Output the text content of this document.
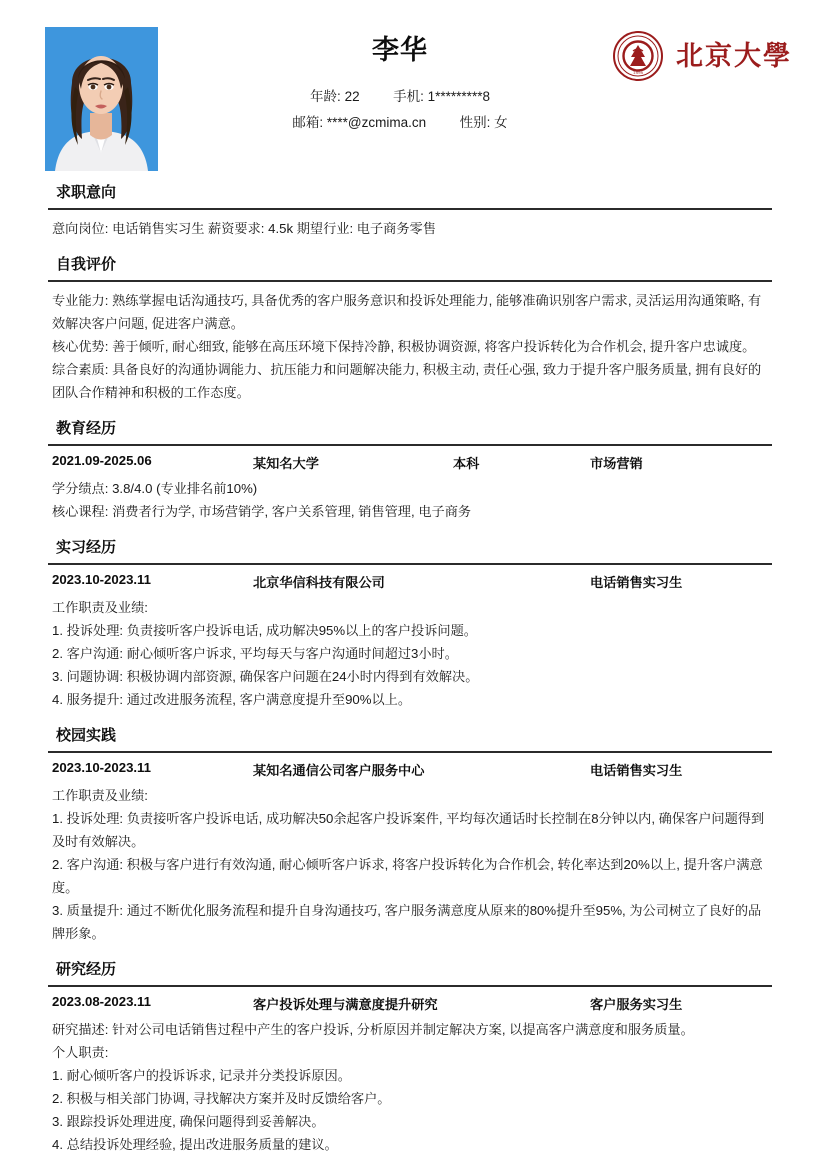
李华
年龄: 22 手机: 1*********8
邮箱: ****@zcmima.cn 性别: 女
1898
北京大學
求职意向

意向岗位: 电话销售实习生 薪资要求: 4.5k 期望行业: 电子商务零售

自我评价

专业能力: 熟练掌握电话沟通技巧, 具备优秀的客户服务意识和投诉处理能力, 能够准确识别客户需求, 灵活运用沟通策略, 有效解决客户问题, 促进客户满意。

核心优势: 善于倾听, 耐心细致, 能够在高压环境下保持冷静, 积极协调资源, 将客户投诉转化为合作机会, 提升客户忠诚度。

综合素质: 具备良好的沟通协调能力、抗压能力和问题解决能力, 积极主动, 责任心强, 致力于提升客户服务质量, 拥有良好的团队合作精神和积极的工作态度。

教育经历
2021.09-2025.06	某知名大学	本科	市场营销

学分绩点: 3.8/4.0 (专业排名前10%)

核心课程: 消费者行为学, 市场营销学, 客户关系管理, 销售管理, 电子商务

实习经历
2023.10-2023.11	北京华信科技有限公司	电话销售实习生

工作职责及业绩:

1. 投诉处理: 负责接听客户投诉电话, 成功解决95%以上的客户投诉问题。

2. 客户沟通: 耐心倾听客户诉求, 平均每天与客户沟通时间超过3小时。

3. 问题协调: 积极协调内部资源, 确保客户问题在24小时内得到有效解决。

4. 服务提升: 通过改进服务流程, 客户满意度提升至90%以上。

校园实践
2023.10-2023.11	某知名通信公司客户服务中心	电话销售实习生

工作职责及业绩:

1. 投诉处理: 负责接听客户投诉电话, 成功解决50余起客户投诉案件, 平均每次通话时长控制在8分钟以内, 确保客户问题得到及时有效解决。

2. 客户沟通: 积极与客户进行有效沟通, 耐心倾听客户诉求, 将客户投诉转化为合作机会, 转化率达到20%以上, 提升客户满意度。

3. 质量提升: 通过不断优化服务流程和提升自身沟通技巧, 客户服务满意度从原来的80%提升至95%, 为公司树立了良好的品牌形象。

研究经历
2023.08-2023.11	客户投诉处理与满意度提升研究	客户服务实习生

研究描述: 针对公司电话销售过程中产生的客户投诉, 分析原因并制定解决方案, 以提高客户满意度和服务质量。

个人职责:

1. 耐心倾听客户的投诉诉求, 记录并分类投诉原因。

2. 积极与相关部门协调, 寻找解决方案并及时反馈给客户。

3. 跟踪投诉处理进度, 确保问题得到妥善解决。

4. 总结投诉处理经验, 提出改进服务质量的建议。
